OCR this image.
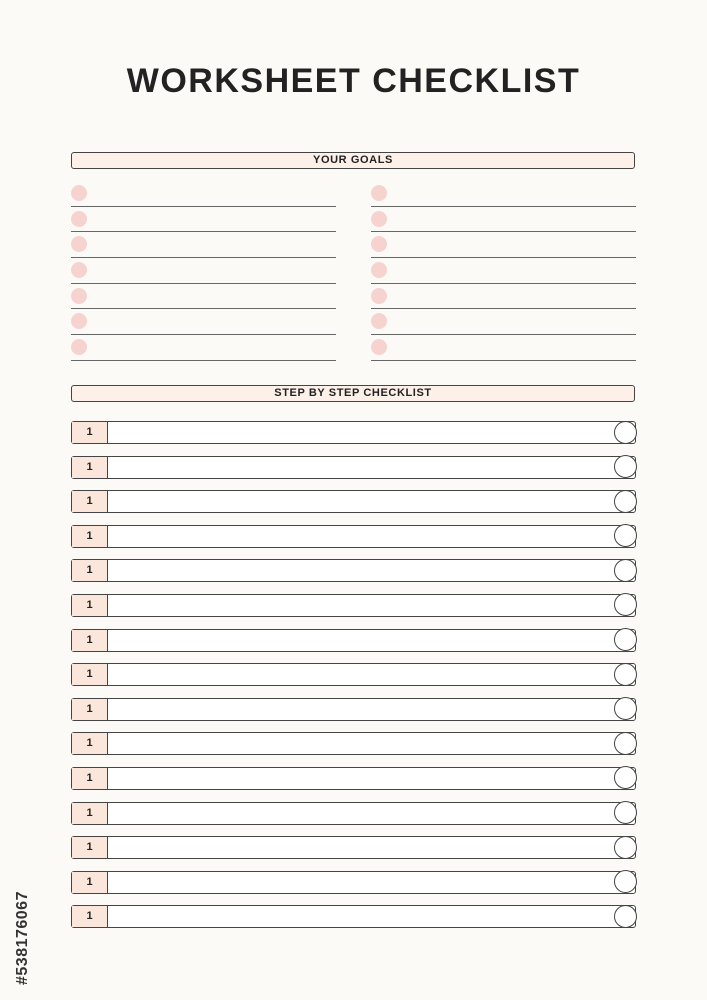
WORKSHEET CHECKLIST
YOUR GOALS
STEP BY STEP CHECKLIST
1
1
1
1
1
1
1
1
1
1
1
1
1
1
1
#538176067
